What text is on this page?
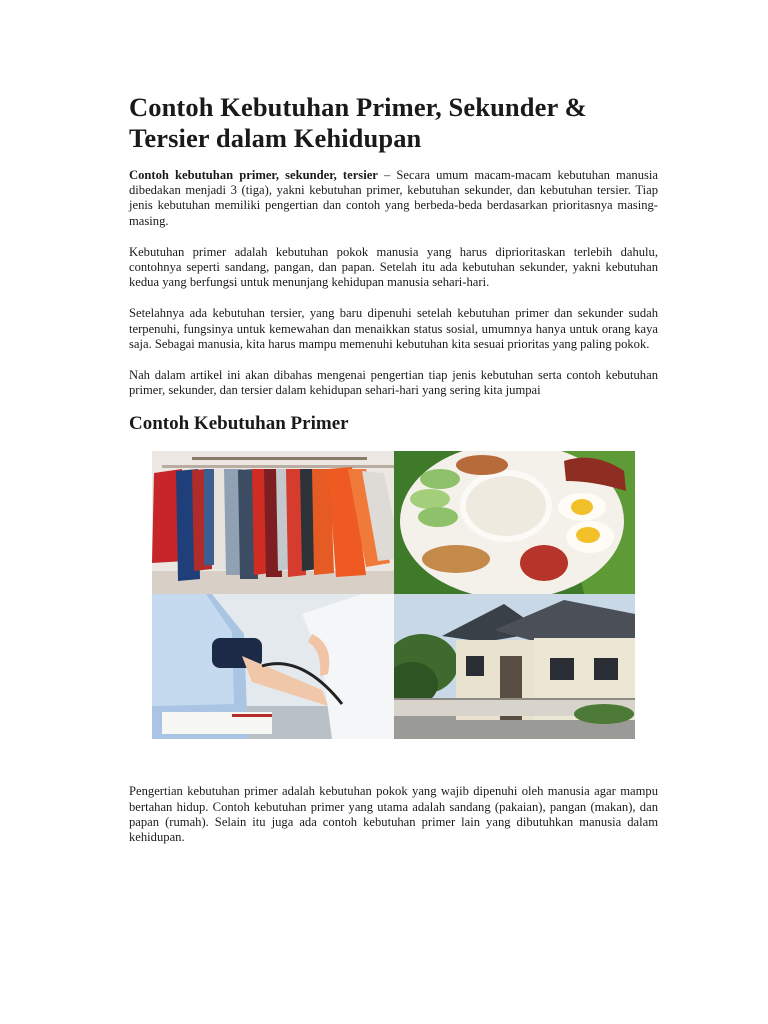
Contoh Kebutuhan Primer, Sekunder & Tersier dalam Kehidupan

Contoh kebutuhan primer, sekunder, tersier – Secara umum macam-macam kebutuhan manusia dibedakan menjadi 3 (tiga), yakni kebutuhan primer, kebutuhan sekunder, dan kebutuhan tersier. Tiap jenis kebutuhan memiliki pengertian dan contoh yang berbeda-beda berdasarkan prioritasnya masing-masing.

Kebutuhan primer adalah kebutuhan pokok manusia yang harus diprioritaskan terlebih dahulu, contohnya seperti sandang, pangan, dan papan. Setelah itu ada kebutuhan sekunder, yakni kebutuhan kedua yang berfungsi untuk menunjang kehidupan manusia sehari-hari.

Setelahnya ada kebutuhan tersier, yang baru dipenuhi setelah kebutuhan primer dan sekunder sudah terpenuhi, fungsinya untuk kemewahan dan menaikkan status sosial, umumnya hanya untuk orang kaya saja. Sebagai manusia, kita harus mampu memenuhi kebutuhan kita sesuai prioritas yang paling pokok.

Nah dalam artikel ini akan dibahas mengenai pengertian tiap jenis kebutuhan serta contoh kebutuhan primer, sekunder, dan tersier dalam kehidupan sehari-hari yang sering kita jumpai

Contoh Kebutuhan Primer

Pengertian kebutuhan primer adalah kebutuhan pokok yang wajib dipenuhi oleh manusia agar mampu bertahan hidup. Contoh kebutuhan primer yang utama adalah sandang (pakaian), pangan (makan), dan papan (rumah). Selain itu juga ada contoh kebutuhan primer lain yang dibutuhkan manusia dalam kehidupan.
